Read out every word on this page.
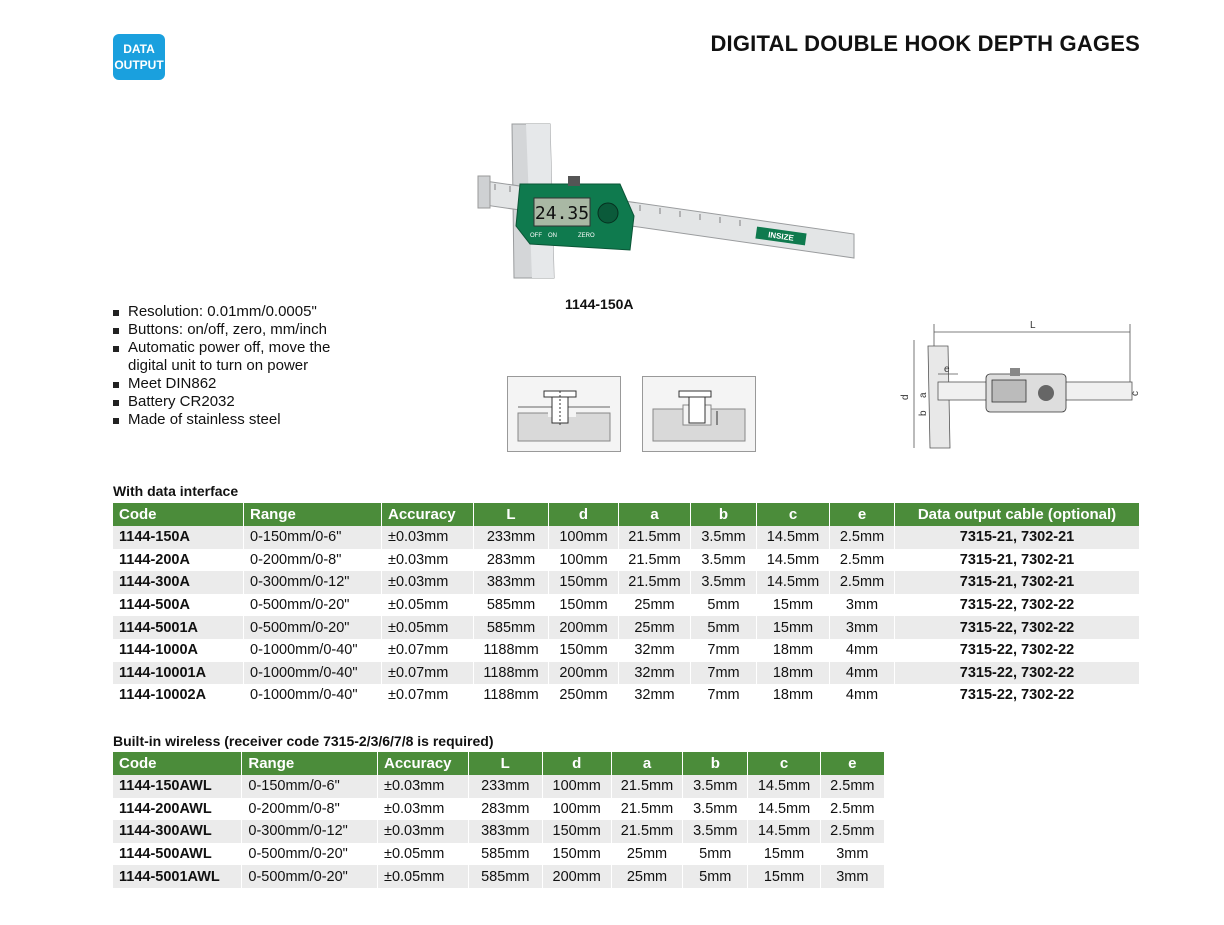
DATA
OUTPUT
DIGITAL DOUBLE HOOK DEPTH GAGES
24.35
OFF ON	ZERO	INSIZE
1144-150A
Resolution: 0.01mm/0.0005"
Buttons: on/off, zero, mm/inch
Automatic power off, move the
digital unit to turn on power
Meet DIN862
Battery CR2032
Made of stainless steel
L
d a
b
c
e
With data interface
Code	Range	Accuracy	L	d	a	b	c	e	Data output cable (optional)
1144-150A	0-150mm/0-6"	±0.03mm	233mm	100mm	21.5mm	3.5mm	14.5mm	2.5mm	7315-21, 7302-21
1144-200A	0-200mm/0-8"	±0.03mm	283mm	100mm	21.5mm	3.5mm	14.5mm	2.5mm	7315-21, 7302-21
1144-300A	0-300mm/0-12"	±0.03mm	383mm	150mm	21.5mm	3.5mm	14.5mm	2.5mm	7315-21, 7302-21
1144-500A	0-500mm/0-20"	±0.05mm	585mm	150mm	25mm	5mm	15mm	3mm	7315-22, 7302-22
1144-5001A	0-500mm/0-20"	±0.05mm	585mm	200mm	25mm	5mm	15mm	3mm	7315-22, 7302-22
1144-1000A	0-1000mm/0-40"	±0.07mm	1188mm	150mm	32mm	7mm	18mm	4mm	7315-22, 7302-22
1144-10001A	0-1000mm/0-40"	±0.07mm	1188mm	200mm	32mm	7mm	18mm	4mm	7315-22, 7302-22
1144-10002A	0-1000mm/0-40"	±0.07mm	1188mm	250mm	32mm	7mm	18mm	4mm	7315-22, 7302-22
Built-in wireless (receiver code 7315-2/3/6/7/8 is required)
Code	Range	Accuracy	L	d	a	b	c	e
1144-150AWL	0-150mm/0-6"	±0.03mm	233mm	100mm	21.5mm	3.5mm	14.5mm	2.5mm
1144-200AWL	0-200mm/0-8"	±0.03mm	283mm	100mm	21.5mm	3.5mm	14.5mm	2.5mm
1144-300AWL	0-300mm/0-12"	±0.03mm	383mm	150mm	21.5mm	3.5mm	14.5mm	2.5mm
1144-500AWL	0-500mm/0-20"	±0.05mm	585mm	150mm	25mm	5mm	15mm	3mm
1144-5001AWL	0-500mm/0-20"	±0.05mm	585mm	200mm	25mm	5mm	15mm	3mm
